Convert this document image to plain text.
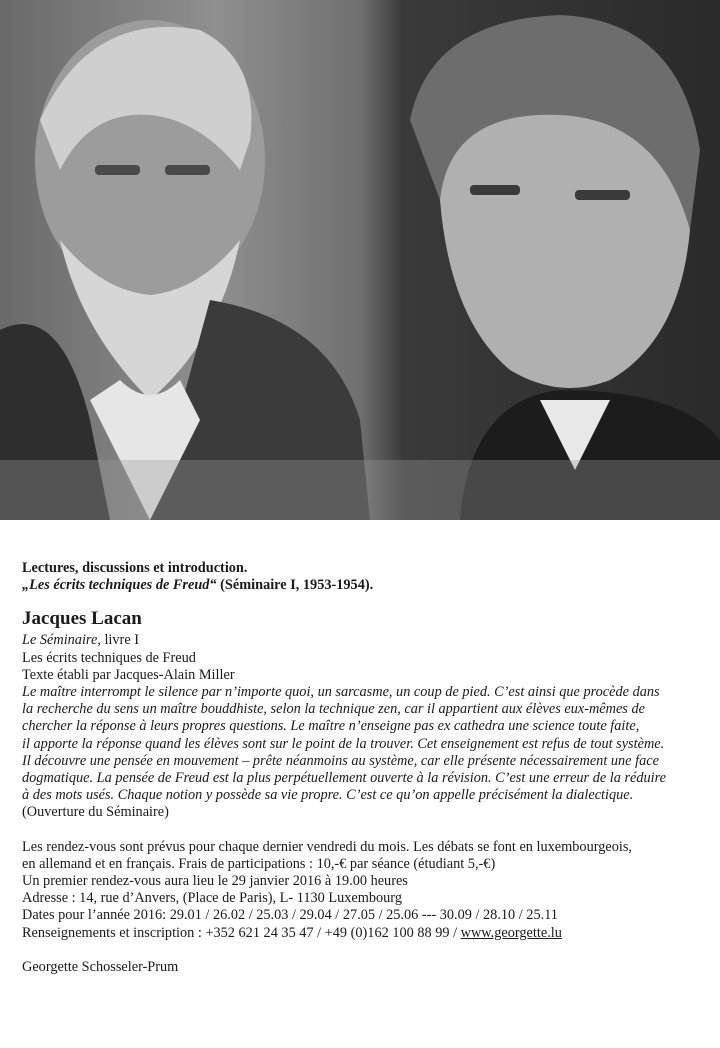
Lectures, discussions et introduction.
„Les écrits techniques de Freud“ (Séminaire I, 1953-1954).
Jacques Lacan
Le Séminaire, livre I
Les écrits techniques de Freud
Texte établi par Jacques-Alain Miller
Le maître interrompt le silence par n’importe quoi, un sarcasme, un coup de pied. C’est ainsi que procède dans
la recherche du sens un maître bouddhiste, selon la technique zen, car il appartient aux élèves eux-mêmes de
chercher la réponse à leurs propres questions. Le maître n’enseigne pas ex cathedra une science toute faite,
il apporte la réponse quand les élèves sont sur le point de la trouver. Cet enseignement est refus de tout système.
Il découvre une pensée en mouvement – prête néanmoins au système, car elle présente nécessairement une face
dogmatique. La pensée de Freud est la plus perpétuellement ouverte à la révision. C’est une erreur de la réduire
à des mots usés. Chaque notion y possède sa vie propre. C’est ce qu’on appelle précisément la dialectique.
(Ouverture du Séminaire)
Les rendez-vous sont prévus pour chaque dernier vendredi du mois. Les débats se font en luxembourgeois,
en allemand et en français. Frais de participations : 10,-€ par séance (étudiant 5,-€)
Un premier rendez-vous aura lieu le 29 janvier 2016 à 19.00 heures
Adresse : 14, rue d’Anvers, (Place de Paris), L- 1130 Luxembourg
Dates pour l’année 2016: 29.01 / 26.02 / 25.03 / 29.04 / 27.05 / 25.06 --- 30.09 / 28.10 / 25.11
Renseignements et inscription : +352 621 24 35 47 / +49 (0)162 100 88 99 / www.georgette.lu
Georgette Schosseler-Prum
